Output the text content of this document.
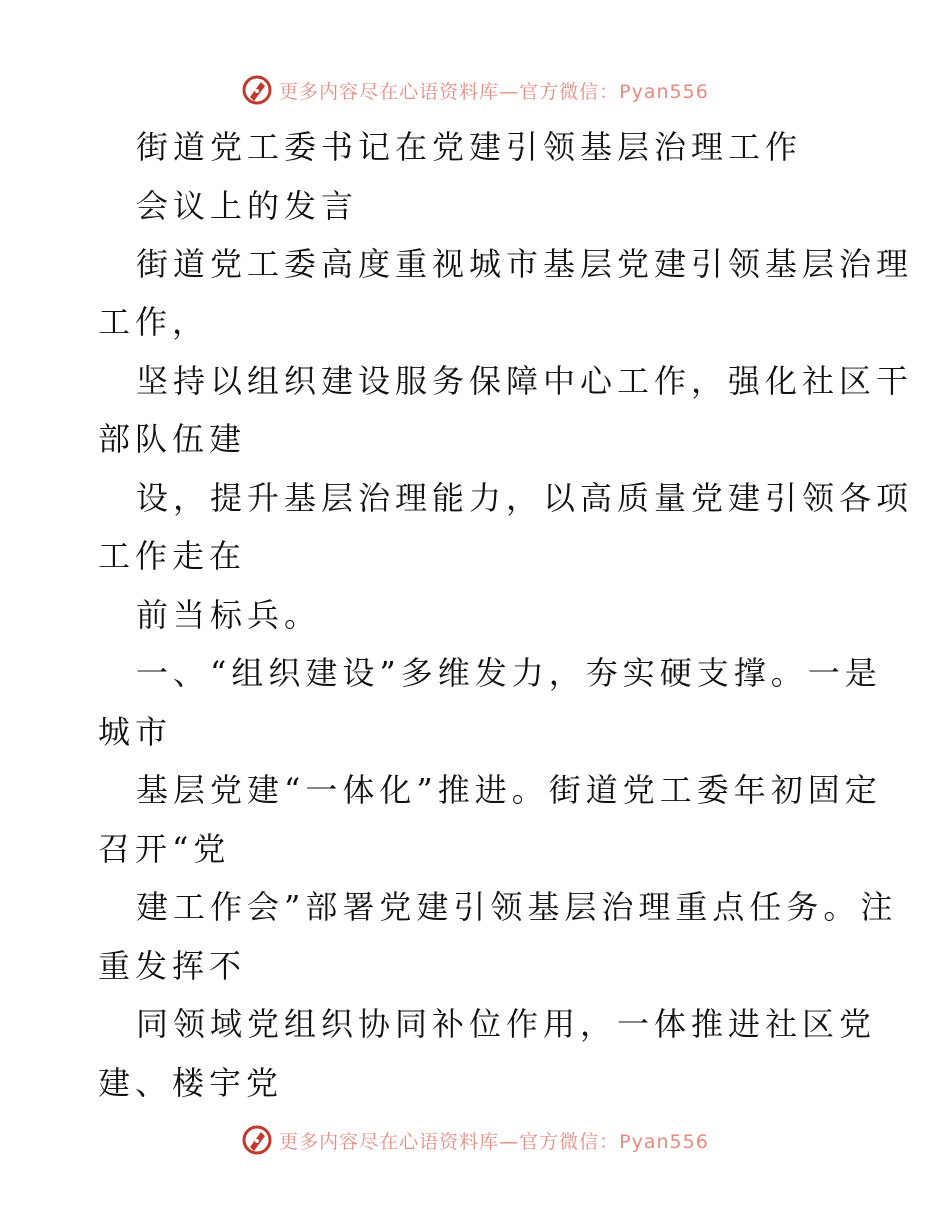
更多内容尽在心语资料库—官方微信：Pyan556
街道党工委书记在党建引领基层治理工作
会议上的发言
街道党工委高度重视城市基层党建引领基层治理
工作，
坚持以组织建设服务保障中心工作，强化社区干
部队伍建
设，提升基层治理能力，以高质量党建引领各项
工作走在
前当标兵。
一、“组织建设”多维发力，夯实硬支撑。一是
城市
基层党建“一体化”推进。街道党工委年初固定
召开“党
建工作会”部署党建引领基层治理重点任务。注
重发挥不
同领域党组织协同补位作用，一体推进社区党
建、楼宇党
更多内容尽在心语资料库—官方微信：Pyan556
